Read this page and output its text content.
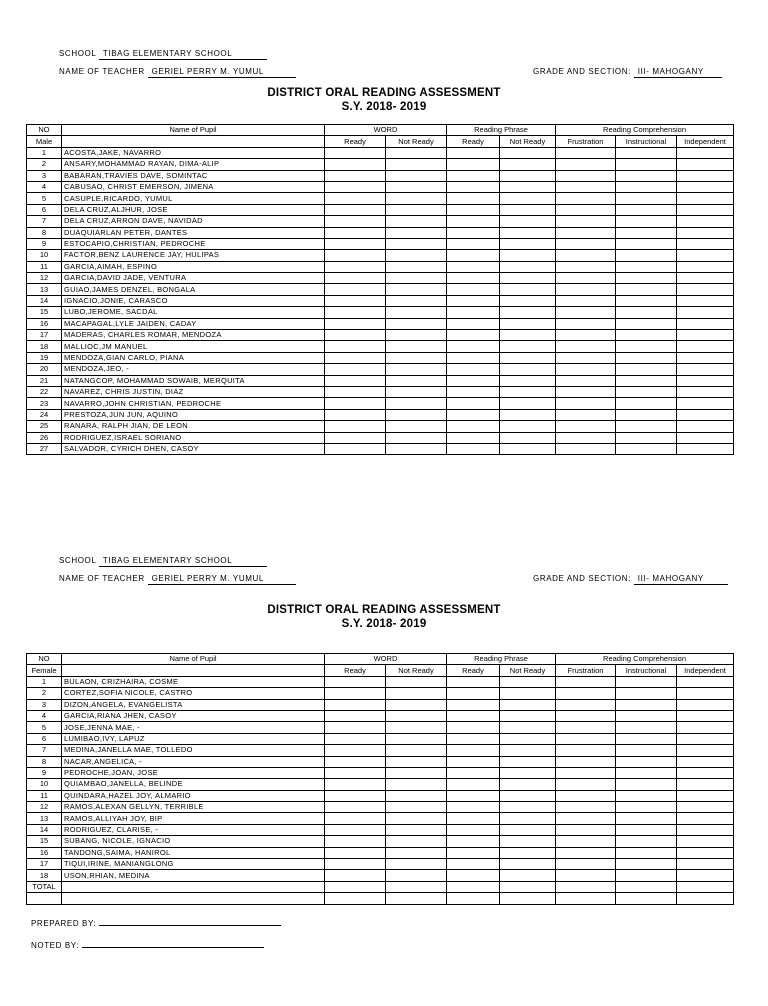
SCHOOL TIBAG ELEMENTARY SCHOOL
NAME OF TEACHER GERIEL PERRY M. YUMUL	GRADE AND SECTION: III- MAHOGANY
DISTRICT ORAL READING ASSESSMENT
S.Y. 2018- 2019
NO	Name of Pupil	WORD		Reading Phrase		Reading Comprehension		
Male		Ready	Not Ready	Ready	Not Ready	Frustration	Instructional	Independent
1	ACOSTA,JAKE, NAVARRO							
2	ANSARY,MOHAMMAD RAYAN, DIMA-ALIP							
3	BABARAN,TRAVIES DAVE, SOMINTAC							
4	CABUSAO, CHRIST EMERSON, JIMENA							
5	CASUPLE,RICARDO, YUMUL							
6	DELA CRUZ,ALJHUR, JOSE							
7	DELA CRUZ,ARRON DAVE, NAVIDAD							
8	DUAQUIARLAN PETER, DANTES							
9	ESTOCAPIO,CHRISTIAN, PEDROCHE							
10	FACTOR,BENZ LAURENCE JAY, HULIPAS							
11	GARCIA,AIMAH, ESPINO							
12	GARCIA,DAVID JADE, VENTURA							
13	GUIAO,JAMES DENZEL, BONGALA							
14	IGNACIO,JONIE, CARASCO							
15	LUBO,JEROME, SACDAL							
16	MACAPAGAL,LYLE JAIDEN, CADAY							
17	MADERAS, CHARLES ROMAR, MENDOZA							
18	MALLIOC,JM MANUEL							
19	MENDOZA,GIAN CARLO, PIANA							
20	MENDOZA,JEO, -							
21	NATANGCOP, MOHAMMAD SOWAIB, MERQUITA							
22	NAVAREZ, CHRIS JUSTIN, DIAZ							
23	NAVARRO,JOHN CHRISTIAN, PEDROCHE							
24	PRESTOZA,JUN JUN, AQUINO							
25	RANARA, RALPH JIAN, DE LEON							
26	RODRIGUEZ,ISRAEL SORIANO							
27	SALVADOR, CYRICH DHEN, CASOY							
SCHOOL TIBAG ELEMENTARY SCHOOL
NAME OF TEACHER GERIEL PERRY M. YUMUL	GRADE AND SECTION: III- MAHOGANY
DISTRICT ORAL READING ASSESSMENT
S.Y. 2018- 2019
NO	Name of Pupil	WORD		Reading Phrase		Reading Comprehension		
Female		Ready	Not Ready	Ready	Not Ready	Frustration	Instructional	Independent
1	BULAON, CRIZHAIRA, COSME							
2	CORTEZ,SOFIA NICOLE, CASTRO							
3	DIZON,ANGELA, EVANGELISTA							
4	GARCIA,RIANA JHEN, CASOY							
5	JOSE,JENNA MAE, -							
6	LUMIBAO,IVY, LAPUZ							
7	MEDINA,JANELLA MAE, TOLLEDO							
8	NACAR,ANGELICA, -							
9	PEDROCHE,JOAN, JOSE							
10	QUIAMBAO,JANELLA, BELINDE							
11	QUINDARA,HAZEL JOY, ALMARIO							
12	RAMOS,ALEXAN GELLYN, TERRIBLE							
13	RAMOS,ALLIYAH JOY, BIP							
14	RODRIGUEZ, CLARISE, -							
15	SUBANG, NICOLE, IGNACIO							
16	TANDONG,SAIMA, HANIROL							
17	TIQUI,IRINE, MANIANGLONG							
18	USON,RHIAN, MEDINA							
TOTAL								

PREPARED BY:
NOTED BY:
